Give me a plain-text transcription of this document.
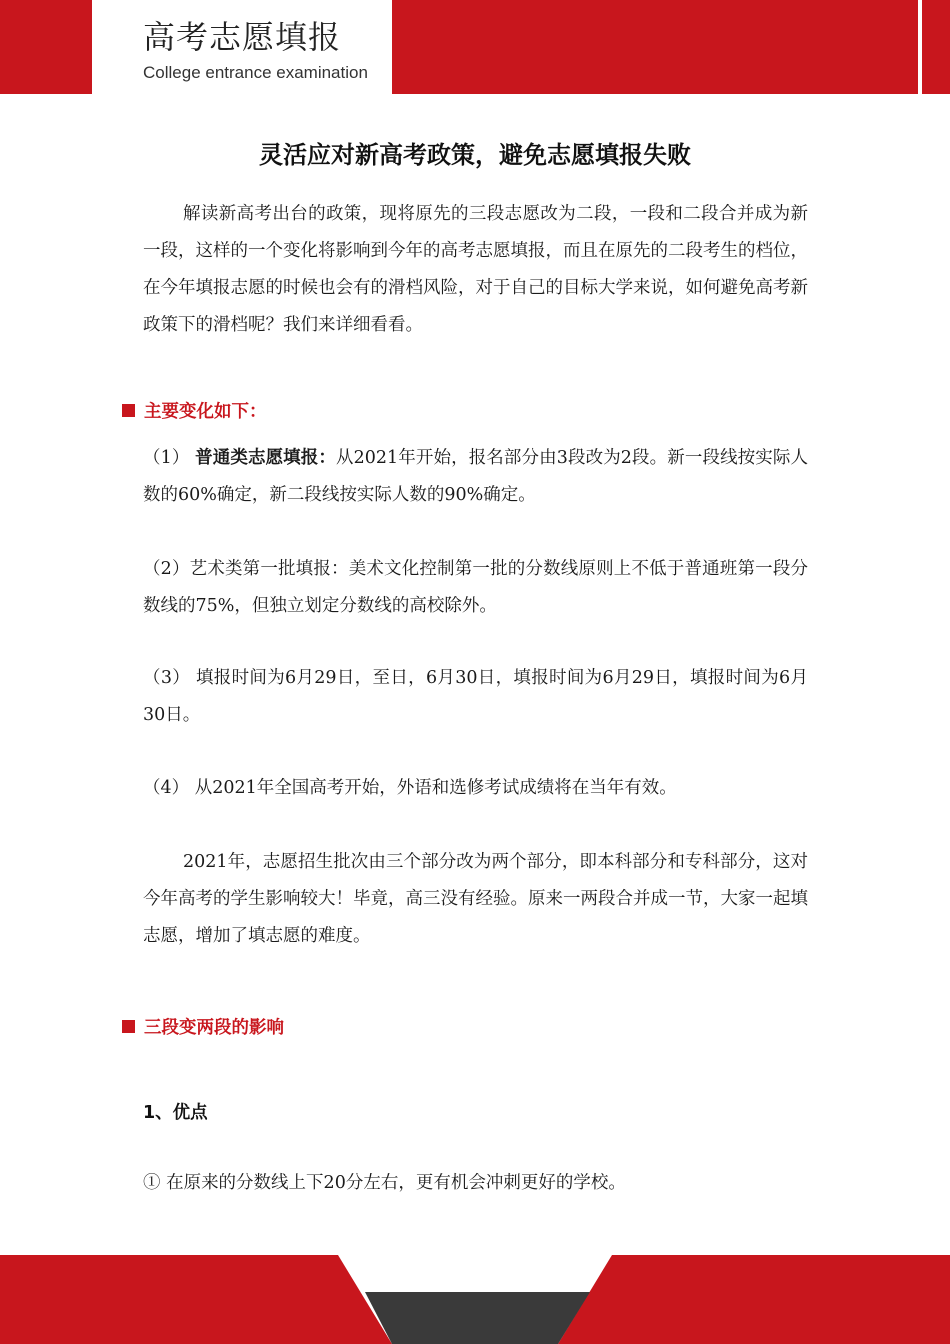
高考志愿填报
College entrance examination
灵活应对新高考政策，避免志愿填报失败

解读新高考出台的政策，现将原先的三段志愿改为二段，一段和二段合并成为新一段，这样的一个变化将影响到今年的高考志愿填报，而且在原先的二段考生的档位，在今年填报志愿的时候也会有的滑档风险，对于自己的目标大学来说，如何避免高考新政策下的滑档呢？我们来详细看看。

主要变化如下：

（1） 普通类志愿填报：从2021年开始，报名部分由3段改为2段。新一段线按实际人数的60%确定，新二段线按实际人数的90%确定。

（2）艺术类第一批填报：美术文化控制第一批的分数线原则上不低于普通班第一段分数线的75%，但独立划定分数线的高校除外。

（3） 填报时间为6月29日，至日，6月30日，填报时间为6月29日，填报时间为6月30日。

（4） 从2021年全国高考开始，外语和选修考试成绩将在当年有效。

2021年，志愿招生批次由三个部分改为两个部分，即本科部分和专科部分，这对今年高考的学生影响较大！毕竟，高三没有经验。原来一两段合并成一节，大家一起填志愿，增加了填志愿的难度。

三段变两段的影响
1、优点

① 在原来的分数线上下20分左右，更有机会冲刺更好的学校。
